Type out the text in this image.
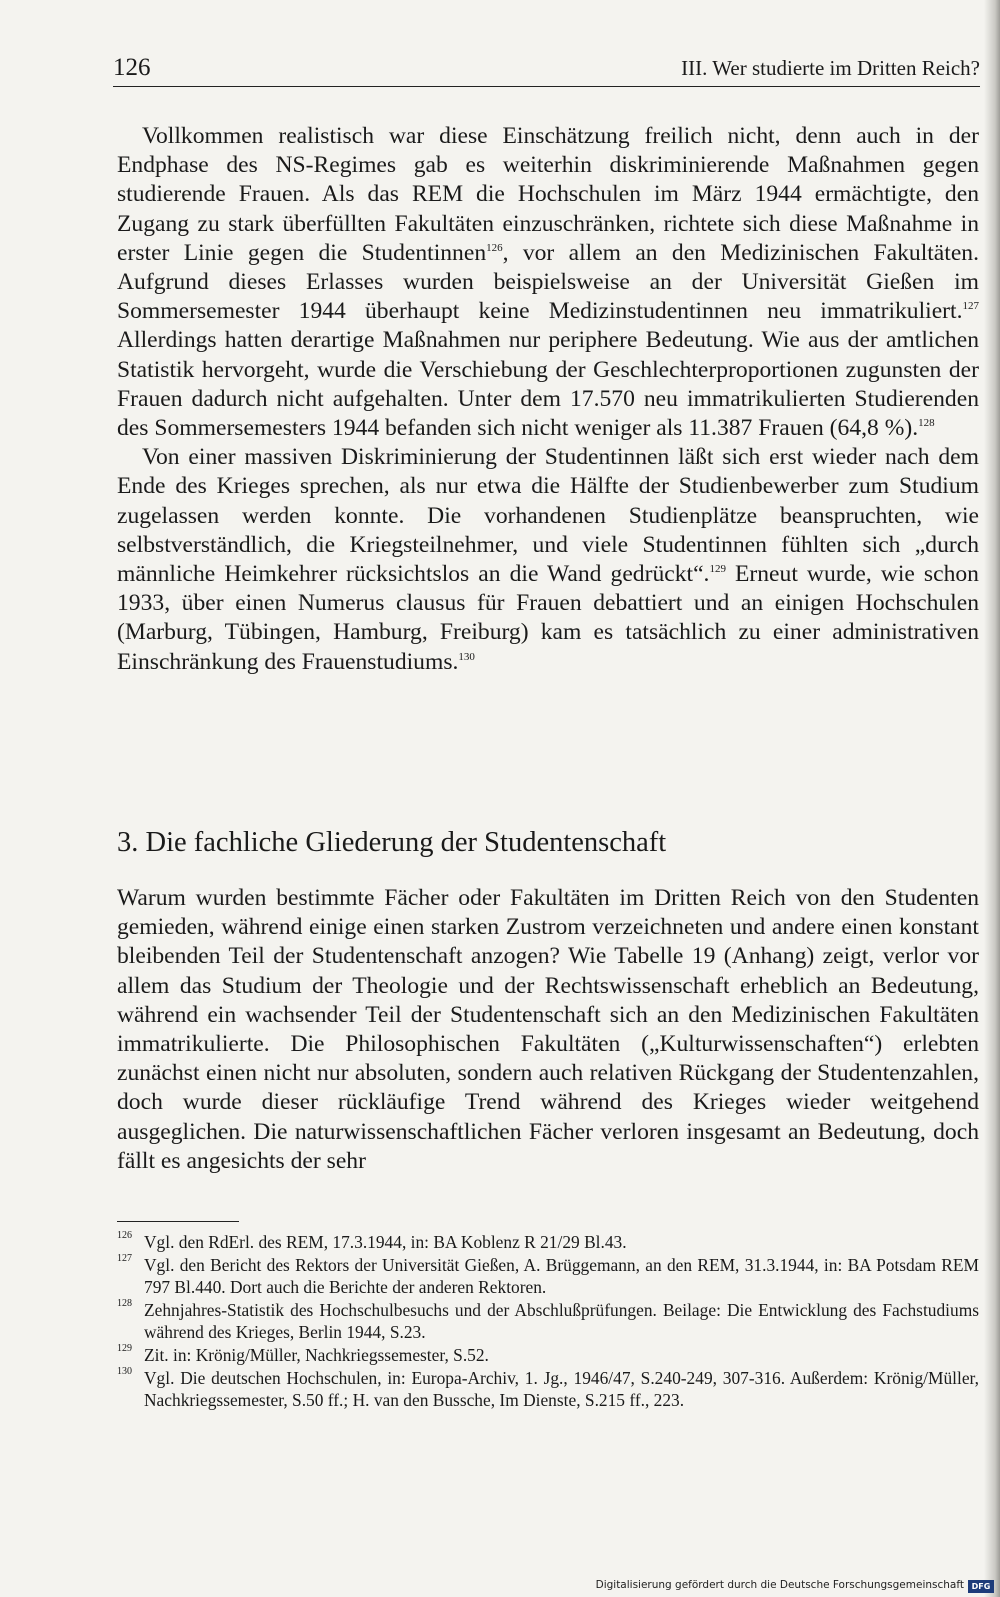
126	III. Wer studierte im Dritten Reich?

Vollkommen realistisch war diese Einschätzung freilich nicht, denn auch in der Endphase des NS-Regimes gab es weiterhin diskriminierende Maßnahmen gegen studierende Frauen. Als das REM die Hochschulen im März 1944 ermächtigte, den Zugang zu stark überfüllten Fakultäten einzuschränken, richtete sich diese Maßnahme in erster Linie gegen die Studentinnen$^{126}$, vor allem an den Medizinischen Fakultäten. Aufgrund dieses Erlasses wurden beispielsweise an der Universität Gießen im Sommersemester 1944 überhaupt keine Medizinstudentinnen neu immatrikuliert.$^{127}$ Allerdings hatten derartige Maßnahmen nur periphere Bedeutung. Wie aus der amtlichen Statistik hervorgeht, wurde die Verschiebung der Geschlechterproportionen zugunsten der Frauen dadurch nicht aufgehalten. Unter dem 17.570 neu immatrikulierten Studierenden des Sommersemesters 1944 befanden sich nicht weniger als 11.387 Frauen (64,8 %).$^{128}$

Von einer massiven Diskriminierung der Studentinnen läßt sich erst wieder nach dem Ende des Krieges sprechen, als nur etwa die Hälfte der Studienbewerber zum Studium zugelassen werden konnte. Die vorhandenen Studienplätze beanspruchten, wie selbstverständlich, die Kriegsteilnehmer, und viele Studentinnen fühlten sich „durch männliche Heimkehrer rücksichtslos an die Wand gedrückt“.$^{129}$ Erneut wurde, wie schon 1933, über einen Numerus clausus für Frauen debattiert und an einigen Hochschulen (Marburg, Tübingen, Hamburg, Freiburg) kam es tatsächlich zu einer administrativen Einschränkung des Frauenstudiums.$^{130}$

3. Die fachliche Gliederung der Studentenschaft

Warum wurden bestimmte Fächer oder Fakultäten im Dritten Reich von den Studenten gemieden, während einige einen starken Zustrom verzeichneten und andere einen konstant bleibenden Teil der Studentenschaft anzogen? Wie Tabelle 19 (Anhang) zeigt, verlor vor allem das Studium der Theologie und der Rechtswissenschaft erheblich an Bedeutung, während ein wachsender Teil der Studentenschaft sich an den Medizinischen Fakultäten immatrikulierte. Die Philosophischen Fakultäten („Kulturwissenschaften“) erlebten zunächst einen nicht nur absoluten, sondern auch relativen Rückgang der Studentenzahlen, doch wurde dieser rückläufige Trend während des Krieges wieder weitgehend ausgeglichen. Die naturwissenschaftlichen Fächer verloren insgesamt an Bedeutung, doch fällt es angesichts der sehr

126 Vgl. den RdErl. des REM, 17.3.1944, in: BA Koblenz R 21/29 Bl.43.
127 Vgl. den Bericht des Rektors der Universität Gießen, A. Brüggemann, an den REM, 31.3.1944, in: BA Potsdam REM 797 Bl.440. Dort auch die Berichte der anderen Rektoren.
128 Zehnjahres-Statistik des Hochschulbesuchs und der Abschlußprüfungen. Beilage: Die Entwicklung des Fachstudiums während des Krieges, Berlin 1944, S.23.
129 Zit. in: Krönig/Müller, Nachkriegssemester, S.52.
130 Vgl. Die deutschen Hochschulen, in: Europa-Archiv, 1. Jg., 1946/47, S.240-249, 307-316. Außerdem: Krönig/Müller, Nachkriegssemester, S.50 ff.; H. van den Bussche, Im Dienste, S.215 ff., 223.
Digitalisierung gefördert durch die Deutsche Forschungsgemeinschaft DFG
